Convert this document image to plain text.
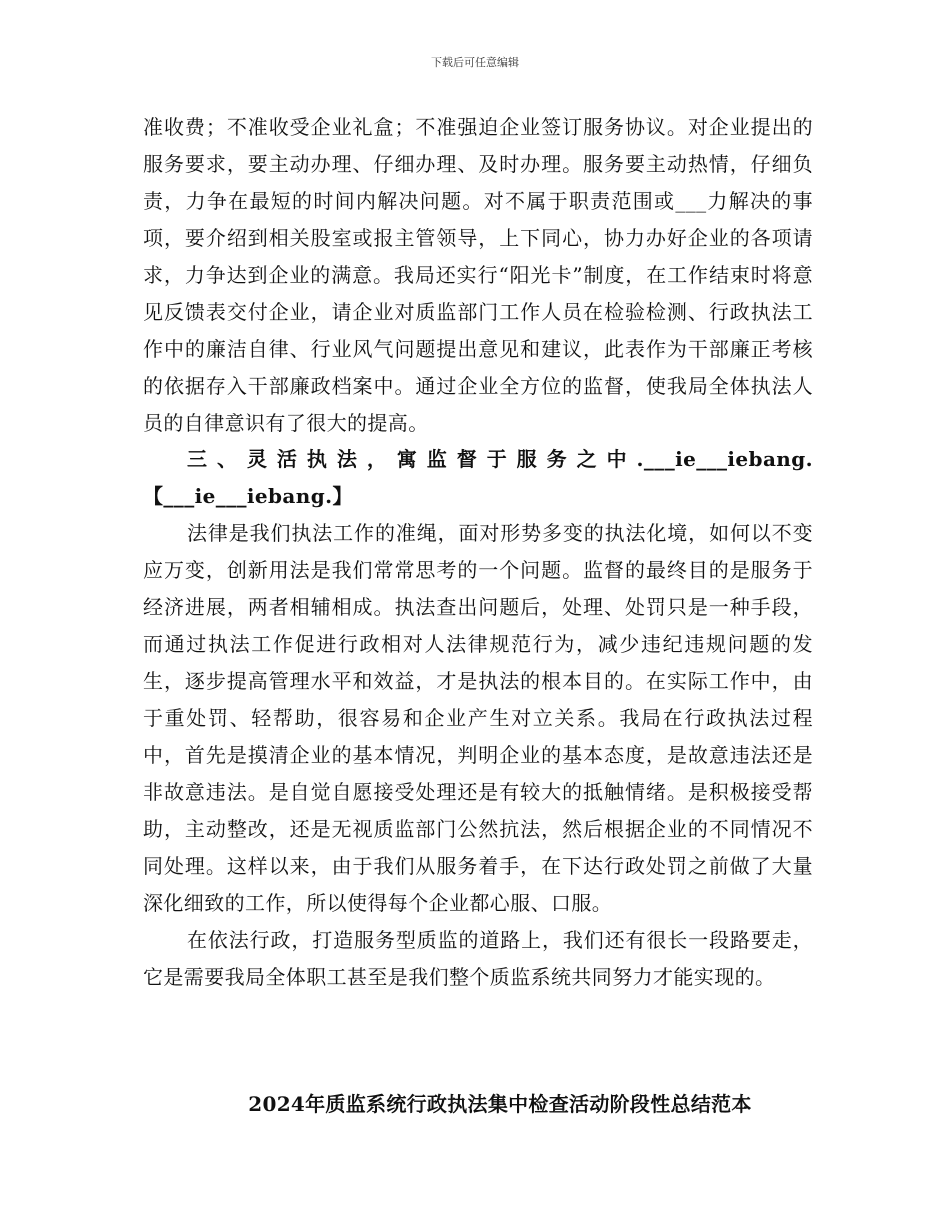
下载后可任意编辑

准收费；不准收受企业礼盒；不准强迫企业签订服务协议。对企业提出的服务要求，要主动办理、仔细办理、及时办理。服务要主动热情，仔细负责，力争在最短的时间内解决问题。对不属于职责范围或___力解决的事项，要介绍到相关股室或报主管领导，上下同心，协力办好企业的各项请求，力争达到企业的满意。我局还实行“阳光卡”制度，在工作结束时将意见反馈表交付企业，请企业对质监部门工作人员在检验检测、行政执法工作中的廉洁自律、行业风气问题提出意见和建议，此表作为干部廉正考核的依据存入干部廉政档案中。通过企业全方位的监督，使我局全体执法人员的自律意识有了很大的提高。

三、灵活执法，寓监督于服务之中.___ie___iebang.【___ie___iebang.】

法律是我们执法工作的准绳，面对形势多变的执法化境，如何以不变应万变，创新用法是我们常常思考的一个问题。监督的最终目的是服务于经济进展，两者相辅相成。执法查出问题后，处理、处罚只是一种手段，而通过执法工作促进行政相对人法律规范行为，减少违纪违规问题的发生，逐步提高管理水平和效益，才是执法的根本目的。在实际工作中，由于重处罚、轻帮助，很容易和企业产生对立关系。我局在行政执法过程中，首先是摸清企业的基本情况，判明企业的基本态度，是故意违法还是非故意违法。是自觉自愿接受处理还是有较大的抵触情绪。是积极接受帮助，主动整改，还是无视质监部门公然抗法，然后根据企业的不同情况不同处理。这样以来，由于我们从服务着手，在下达行政处罚之前做了大量深化细致的工作，所以使得每个企业都心服、口服。

在依法行政，打造服务型质监的道路上，我们还有很长一段路要走，它是需要我局全体职工甚至是我们整个质监系统共同努力才能实现的。

2024年质监系统行政执法集中检查活动阶段性总结范本
